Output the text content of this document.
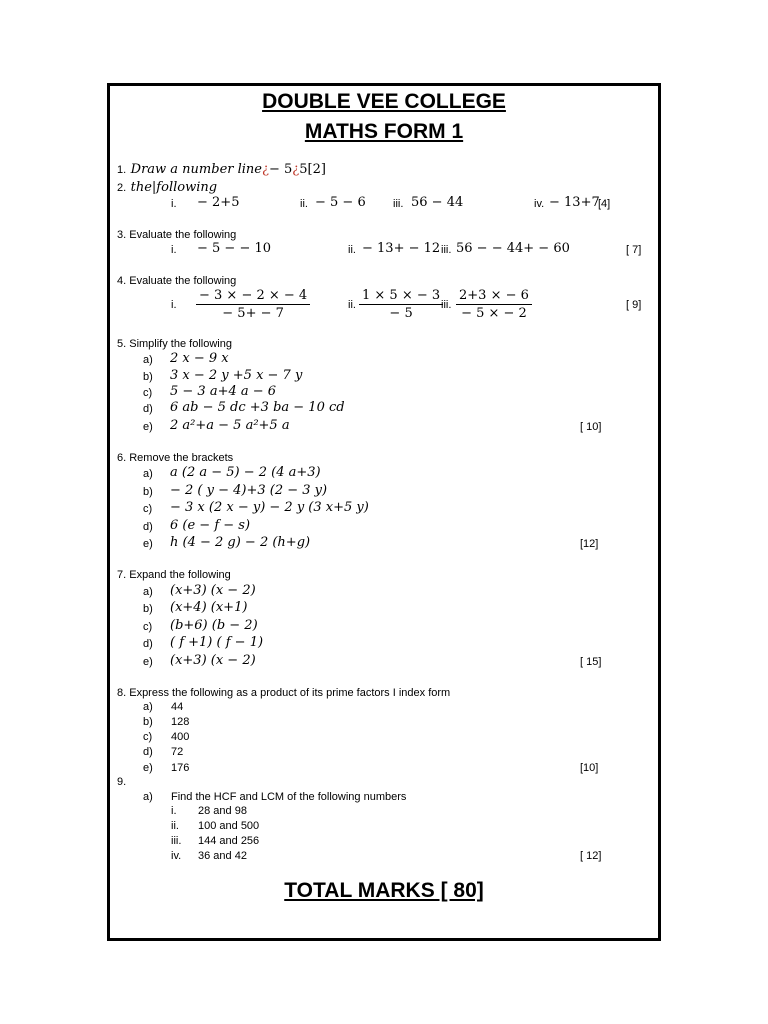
DOUBLE VEE COLLEGE
MATHS FORM 1
1. Draw a number line¿− 5¿5[2]
2. the|following
i. − 2+5	ii. − 5 − 6 iii. 56 − 44	iv. − 13+7
[4]
3. Evaluate the following
i. − 5 − − 10	ii. − 13+ − 12 iii. 56 − − 44+ − 60	[ 7]
4. Evaluate the following
i. $\frac{- 3 \times - 2 \times - 4}{- 5+ - 7}$	ii. $\frac{1 \times 5 \times - 3}{- 5}$
iii. $\frac{2+3 \times - 6}{- 5 \times - 2}$	[ 9]
5. Simplify the following
a) 2 x − 9 x
b) 3 x − 2 y +5 x − 7 y
c) 5 − 3 a+4 a − 6
d) 6 ab − 5 dc +3 ba − 10 cd
e) 2 a²+a − 5 a²+5 a	[ 10]
6. Remove the brackets
a) a (2 a − 5) − 2 (4 a+3)
b) − 2 ( y − 4)+3 (2 − 3 y)
c) − 3 x (2 x − y) − 2 y (3 x+5 y)
d) 6 (e − f − s)
e) h (4 − 2 g) − 2 (h+g)	[12]
7. Expand the following
a) (x+3) (x − 2)
b) (x+4) (x+1)
c) (b+6) (b − 2)
d) ( f +1) ( f − 1)
e) (x+3) (x − 2)	[ 15]
8. Express the following as a product of its prime factors I index form
a) 44
b) 128
c) 400
d) 72
e) 176	[10]
9.
a) Find the HCF and LCM of the following numbers
i. 28 and 98
ii. 100 and 500
iii. 144 and 256
iv. 36 and 42	[ 12]
TOTAL MARKS [ 80]
